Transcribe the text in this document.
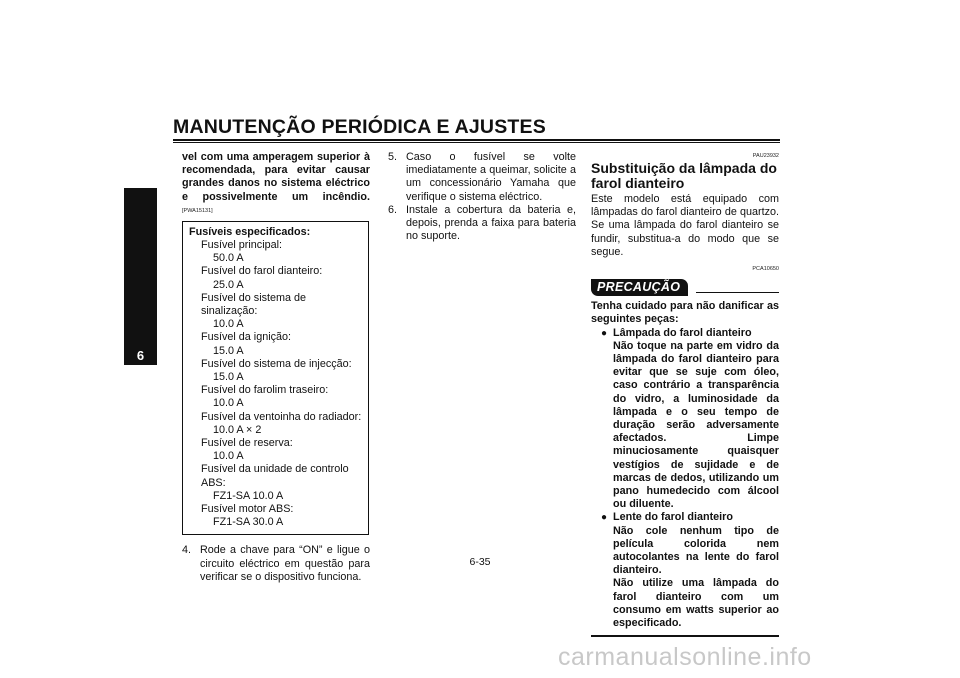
MANUTENÇÃO PERIÓDICA E AJUSTES
6
vel com uma amperagem superior à recomendada, para evitar causar grandes danos no sistema eléctrico e possivelmente um incêndio.
[PWA15131]
Fusíveis especificados:
Fusível principal:
50.0 A
Fusível do farol dianteiro:
25.0 A
Fusível do sistema de sinalização:
10.0 A
Fusível da ignição:
15.0 A
Fusível do sistema de injecção:
15.0 A
Fusível do farolim traseiro:
10.0 A
Fusível da ventoinha do radiador:
10.0 A × 2
Fusível de reserva:
10.0 A
Fusível da unidade de controlo ABS:
FZ1-SA 10.0 A
Fusível motor ABS:
FZ1-SA 30.0 A
4. Rode a chave para “ON” e ligue o circuito eléctrico em questão para verificar se o dispositivo funciona.
5. Caso o fusível se volte imediatamente a queimar, solicite a um concessionário Yamaha que verifique o sistema eléctrico.
6. Instale a cobertura da bateria e, depois, prenda a faixa para bateria no suporte.
PAU23932
Substituição da lâmpada do farol dianteiro
Este modelo está equipado com lâmpadas do farol dianteiro de quartzo. Se uma lâmpada do farol dianteiro se fundir, substitua-a do modo que se segue.
PCA10650
PRECAUÇÃO
Tenha cuidado para não danificar as seguintes peças:
● Lâmpada do farol dianteiro
Não toque na parte em vidro da lâmpada do farol dianteiro para evitar que se suje com óleo, caso contrário a transparência do vidro, a luminosidade da lâmpada e o seu tempo de duração serão adversamente afectados. Limpe minuciosamente quaisquer vestígios de sujidade e de marcas de dedos, utilizando um pano humedecido com álcool ou diluente.
● Lente do farol dianteiro
Não cole nenhum tipo de película colorida nem autocolantes na lente do farol dianteiro.
Não utilize uma lâmpada do farol dianteiro com um consumo em watts superior ao especificado.
6-35
carmanualsonline.info
